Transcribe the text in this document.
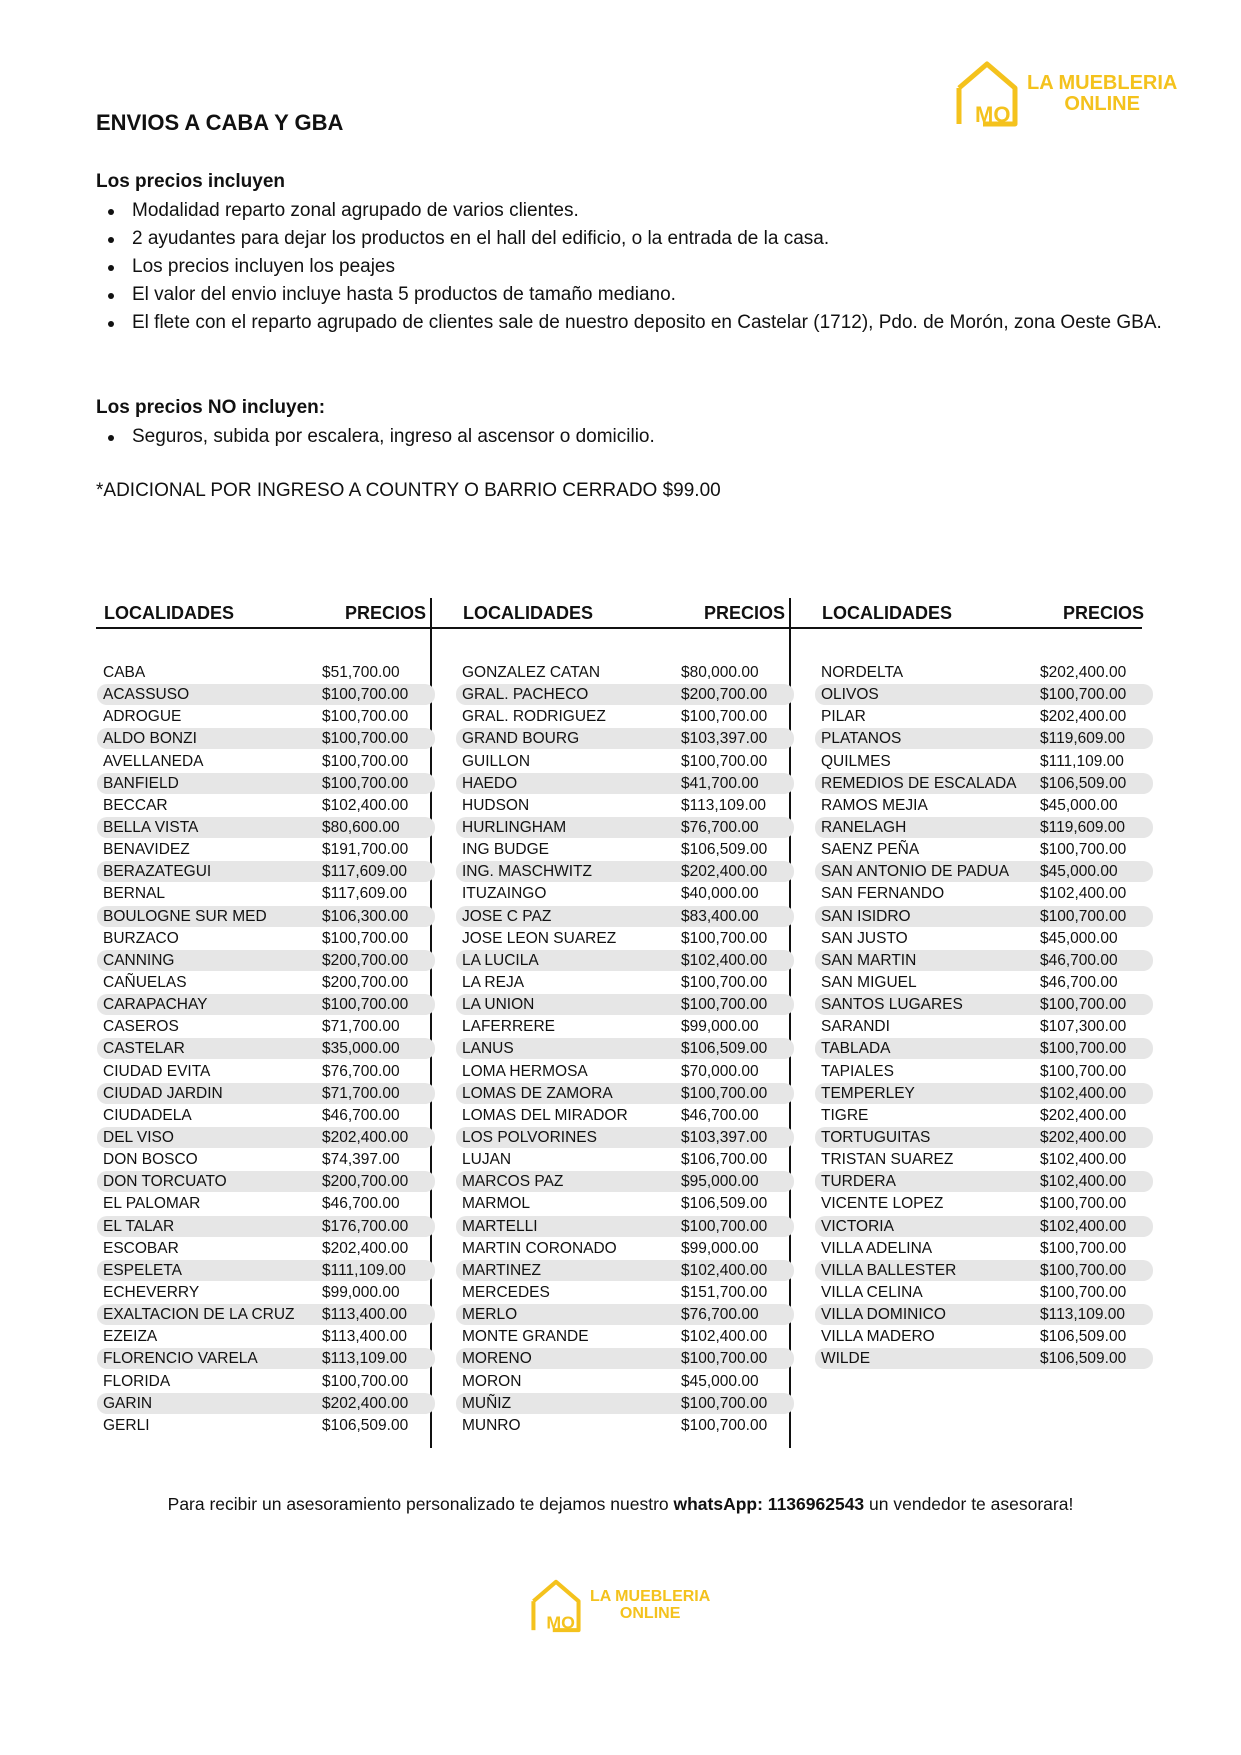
MO
LA MUEBLERIA
ONLINE
ENVIOS A CABA Y GBA
Los precios incluyen
Modalidad reparto zonal agrupado de varios clientes.
2 ayudantes para dejar los productos en el hall del edificio, o la entrada de la casa.
Los precios incluyen los peajes
El valor del envio incluye hasta 5 productos de tamaño mediano.
El flete con el reparto agrupado de clientes sale de nuestro deposito en Castelar (1712), Pdo. de Morón, zona Oeste GBA.
Los precios NO incluyen:
Seguros, subida por escalera, ingreso al ascensor o domicilio.
*ADICIONAL POR INGRESO A COUNTRY O BARRIO CERRADO $99.00
LOCALIDADES	PRECIOS
CABA	$51,700.00
ACASSUSO	$100,700.00
ADROGUE	$100,700.00
ALDO BONZI	$100,700.00
AVELLANEDA	$100,700.00
BANFIELD	$100,700.00
BECCAR	$102,400.00
BELLA VISTA	$80,600.00
BENAVIDEZ	$191,700.00
BERAZATEGUI	$117,609.00
BERNAL	$117,609.00
BOULOGNE SUR MED	$106,300.00
BURZACO	$100,700.00
CANNING	$200,700.00
CAÑUELAS	$200,700.00
CARAPACHAY	$100,700.00
CASEROS	$71,700.00
CASTELAR	$35,000.00
CIUDAD EVITA	$76,700.00
CIUDAD JARDIN	$71,700.00
CIUDADELA	$46,700.00
DEL VISO	$202,400.00
DON BOSCO	$74,397.00
DON TORCUATO	$200,700.00
EL PALOMAR	$46,700.00
EL TALAR	$176,700.00
ESCOBAR	$202,400.00
ESPELETA	$111,109.00
ECHEVERRY	$99,000.00
EXALTACION DE LA CRUZ	$113,400.00
EZEIZA	$113,400.00
FLORENCIO VARELA	$113,109.00
FLORIDA	$100,700.00
GARIN	$202,400.00
GERLI	$106,509.00
LOCALIDADES	PRECIOS
GONZALEZ CATAN	$80,000.00
GRAL. PACHECO	$200,700.00
GRAL. RODRIGUEZ	$100,700.00
GRAND BOURG	$103,397.00
GUILLON	$100,700.00
HAEDO	$41,700.00
HUDSON	$113,109.00
HURLINGHAM	$76,700.00
ING BUDGE	$106,509.00
ING. MASCHWITZ	$202,400.00
ITUZAINGO	$40,000.00
JOSE C PAZ	$83,400.00
JOSE LEON SUAREZ	$100,700.00
LA LUCILA	$102,400.00
LA REJA	$100,700.00
LA UNION	$100,700.00
LAFERRERE	$99,000.00
LANUS	$106,509.00
LOMA HERMOSA	$70,000.00
LOMAS DE ZAMORA	$100,700.00
LOMAS DEL MIRADOR	$46,700.00
LOS POLVORINES	$103,397.00
LUJAN	$106,700.00
MARCOS PAZ	$95,000.00
MARMOL	$106,509.00
MARTELLI	$100,700.00
MARTIN CORONADO	$99,000.00
MARTINEZ	$102,400.00
MERCEDES	$151,700.00
MERLO	$76,700.00
MONTE GRANDE	$102,400.00
MORENO	$100,700.00
MORON	$45,000.00
MUÑIZ	$100,700.00
MUNRO	$100,700.00
LOCALIDADES	PRECIOS
NORDELTA	$202,400.00
OLIVOS	$100,700.00
PILAR	$202,400.00
PLATANOS	$119,609.00
QUILMES	$111,109.00
REMEDIOS DE ESCALADA	$106,509.00
RAMOS MEJIA	$45,000.00
RANELAGH	$119,609.00
SAENZ PEÑA	$100,700.00
SAN ANTONIO DE PADUA	$45,000.00
SAN FERNANDO	$102,400.00
SAN ISIDRO	$100,700.00
SAN JUSTO	$45,000.00
SAN MARTIN	$46,700.00
SAN MIGUEL	$46,700.00
SANTOS LUGARES	$100,700.00
SARANDI	$107,300.00
TABLADA	$100,700.00
TAPIALES	$100,700.00
TEMPERLEY	$102,400.00
TIGRE	$202,400.00
TORTUGUITAS	$202,400.00
TRISTAN SUAREZ	$102,400.00
TURDERA	$102,400.00
VICENTE LOPEZ	$100,700.00
VICTORIA	$102,400.00
VILLA ADELINA	$100,700.00
VILLA BALLESTER	$100,700.00
VILLA CELINA	$100,700.00
VILLA DOMINICO	$113,109.00
VILLA MADERO	$106,509.00
WILDE	$106,509.00
Para recibir un asesoramiento personalizado te dejamos nuestro whatsApp: 1136962543 un vendedor te asesorara!
MO
LA MUEBLERIA
ONLINE
